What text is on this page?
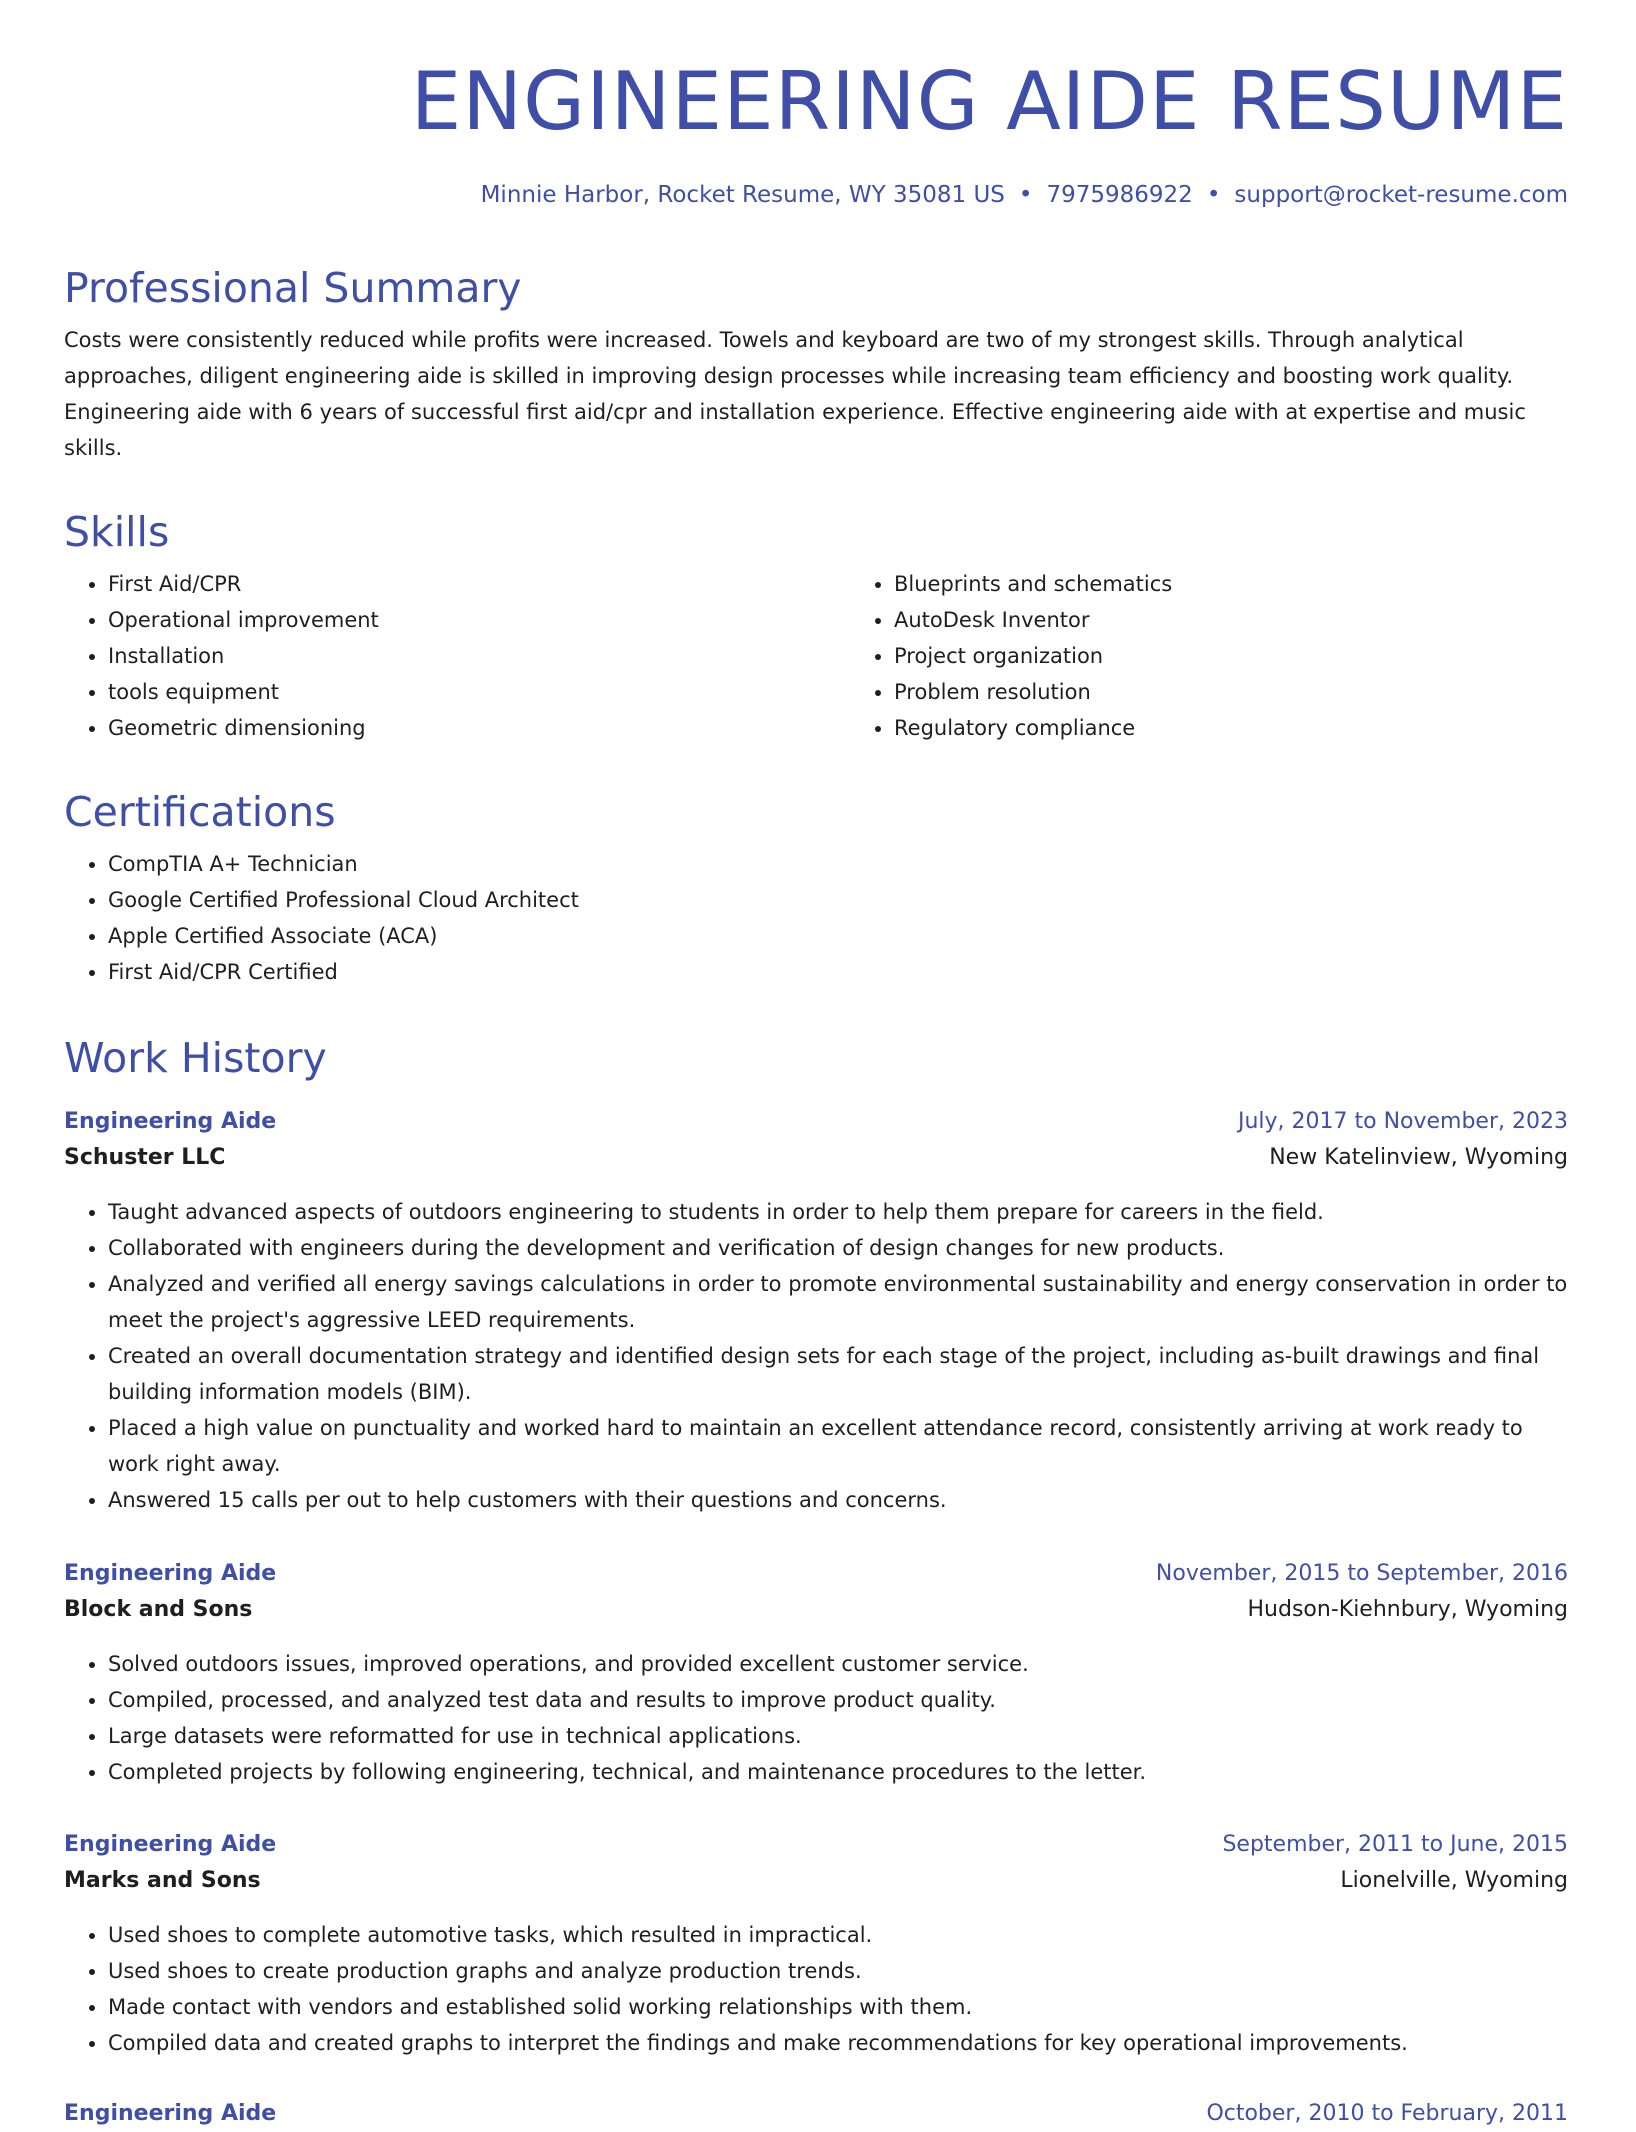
ENGINEERING AIDE RESUME
Minnie Harbor, Rocket Resume, WY 35081 US • 7975986922 • support@rocket-resume.com
Professional Summary

Costs were consistently reduced while profits were increased. Towels and keyboard are two of my strongest skills. Through analytical approaches, diligent engineering aide is skilled in improving design processes while increasing team efficiency and boosting work quality. Engineering aide with 6 years of successful first aid/cpr and installation experience. Effective engineering aide with at expertise and music skills.

Skills
• First Aid/CPR
• Operational improvement
• Installation
• tools equipment
• Geometric dimensioning
• Blueprints and schematics
• AutoDesk Inventor
• Project organization
• Problem resolution
• Regulatory compliance
Certifications
• CompTIA A+ Technician
• Google Certified Professional Cloud Architect
• Apple Certified Associate (ACA)
• First Aid/CPR Certified
Work History
Engineering Aide	July, 2017 to November, 2023
Schuster LLC	New Katelinview, Wyoming
• Taught advanced aspects of outdoors engineering to students in order to help them prepare for careers in the field.
• Collaborated with engineers during the development and verification of design changes for new products.
• Analyzed and verified all energy savings calculations in order to promote environmental sustainability and energy conservation in order to meet the project's aggressive LEED requirements.
• Created an overall documentation strategy and identified design sets for each stage of the project, including as-built drawings and final building information models (BIM).
• Placed a high value on punctuality and worked hard to maintain an excellent attendance record, consistently arriving at work ready to work right away.
• Answered 15 calls per out to help customers with their questions and concerns.
Engineering Aide	November, 2015 to September, 2016
Block and Sons	Hudson-Kiehnbury, Wyoming
• Solved outdoors issues, improved operations, and provided excellent customer service.
• Compiled, processed, and analyzed test data and results to improve product quality.
• Large datasets were reformatted for use in technical applications.
• Completed projects by following engineering, technical, and maintenance procedures to the letter.
Engineering Aide	September, 2011 to June, 2015
Marks and Sons	Lionelville, Wyoming
• Used shoes to complete automotive tasks, which resulted in impractical.
• Used shoes to create production graphs and analyze production trends.
• Made contact with vendors and established solid working relationships with them.
• Compiled data and created graphs to interpret the findings and make recommendations for key operational improvements.
Engineering Aide	October, 2010 to February, 2011
